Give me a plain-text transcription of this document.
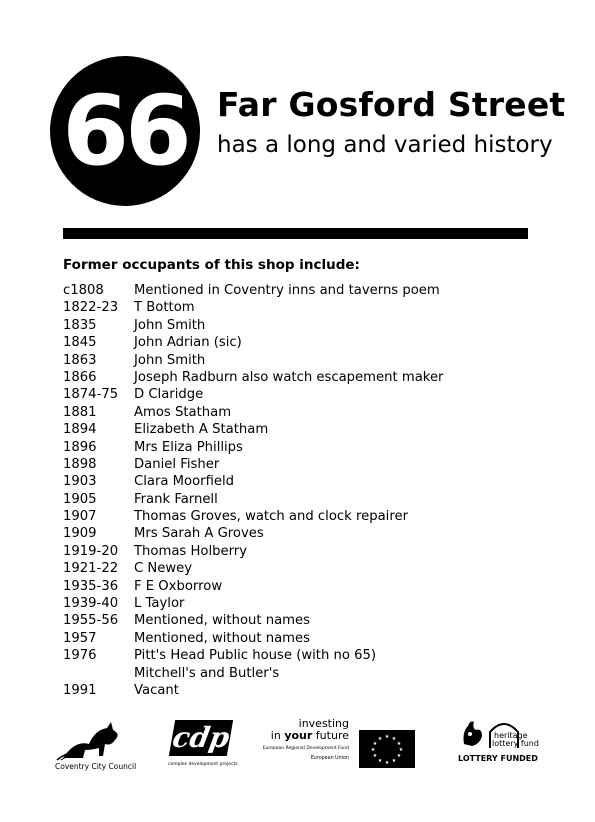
66 Far Gosford Street
has a long and varied history
Former occupants of this shop include:
c1808	Mentioned in Coventry inns and taverns poem
1822-23	T Bottom
1835	John Smith
1845	John Adrian (sic)
1863	John Smith
1866	Joseph Radburn also watch escapement maker
1874-75	D Claridge
1881	Amos Statham
1894	Elizabeth A Statham
1896	Mrs Eliza Phillips
1898	Daniel Fisher
1903	Clara Moorfield
1905	Frank Farnell
1907	Thomas Groves, watch and clock repairer
1909	Mrs Sarah A Groves
1919-20	Thomas Holberry
1921-22	C Newey
1935-36	F E Oxborrow
1939-40	L Taylor
1955-56	Mentioned, without names
1957	Mentioned, without names
1976	Pitt's Head Public house (with no 65)
Mitchell's and Butler's
1991	Vacant
Coventry City Council
cdp
complex development projects
investing
in your future
European Regional Development Fund
European Union
★ ★
★
★
★
★
★
★
★
★
★
★	heritage
lottery fund
LOTTERY FUNDED
